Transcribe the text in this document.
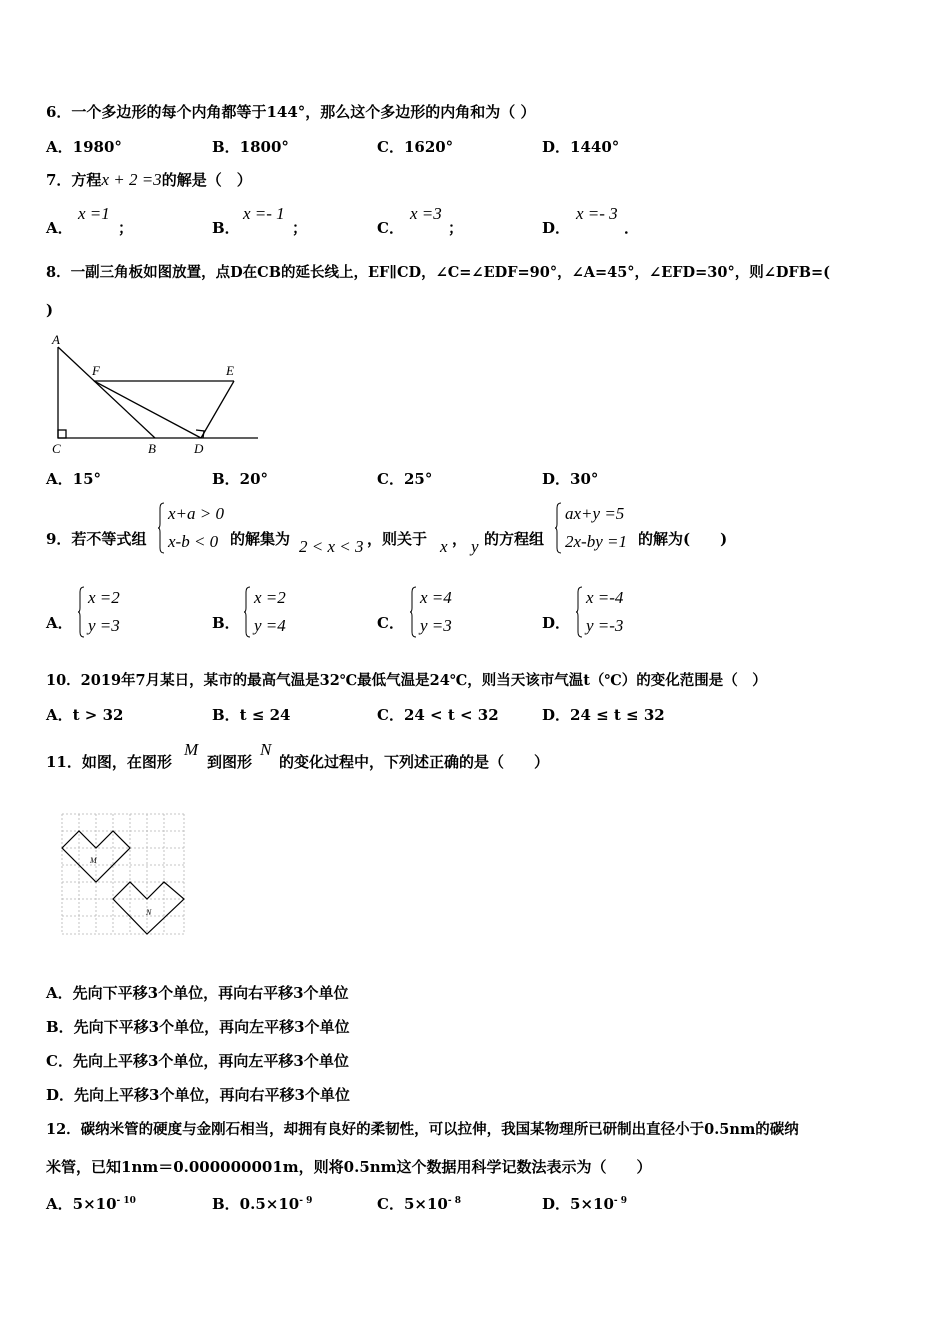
6．一个多边形的每个内角都等于144°，那么这个多边形的内角和为（ ）
A．1980°	B．1800°	C．1620°	D．1440°
7．方程x + 2 =3的解是（　）
A．
x =1
；	B．
x =- 1
；	C．
x =3
；	D．
x =- 3
．
8．一副三角板如图放置，点D在CB的延长线上，EF∥CD，∠C=∠EDF=90°，∠A=45°，∠EFD=30°，则∠DFB=(
)
A
F	E
C	B	D
A．15°	B．20°	C．25°	D．30°
9．若不等式组
x+a > 0
x-b < 0 的解集为 2 < x < 3 ，则关于 x ， y 的方程组
ax+y =5
2x-by =1 的解为(　　)
A．
x =2
y =3	B．
x =2
y =4	C．
x =4
y =3	D．
x =-4
y =-3
10．2019年7月某日，某市的最高气温是32℃最低气温是24℃，则当天该市气温t（℃）的变化范围是（　）
A．t > 32	B．t ≤ 24	C．24 < t < 32	D．24 ≤ t ≤ 32
11．如图，在图形
M
到图形
N
的变化过程中，下列述正确的是（　　）
M
N
A．先向下平移3个单位，再向右平移3个单位
B．先向下平移3个单位，再向左平移3个单位
C．先向上平移3个单位，再向左平移3个单位
D．先向上平移3个单位，再向右平移3个单位
12．碳纳米管的硬度与金刚石相当，却拥有良好的柔韧性，可以拉伸，我国某物理所已研制出直径小于0.5nm的碳纳
米管，已知1nm＝0.000000001m，则将0.5nm这个数据用科学记数法表示为（　　）
A．$5\times 10^{- 10}$	B．$0.5\times 10^{- 9}$	C．$5\times 10^{- 8}$	D．$5\times 10^{- 9}$
